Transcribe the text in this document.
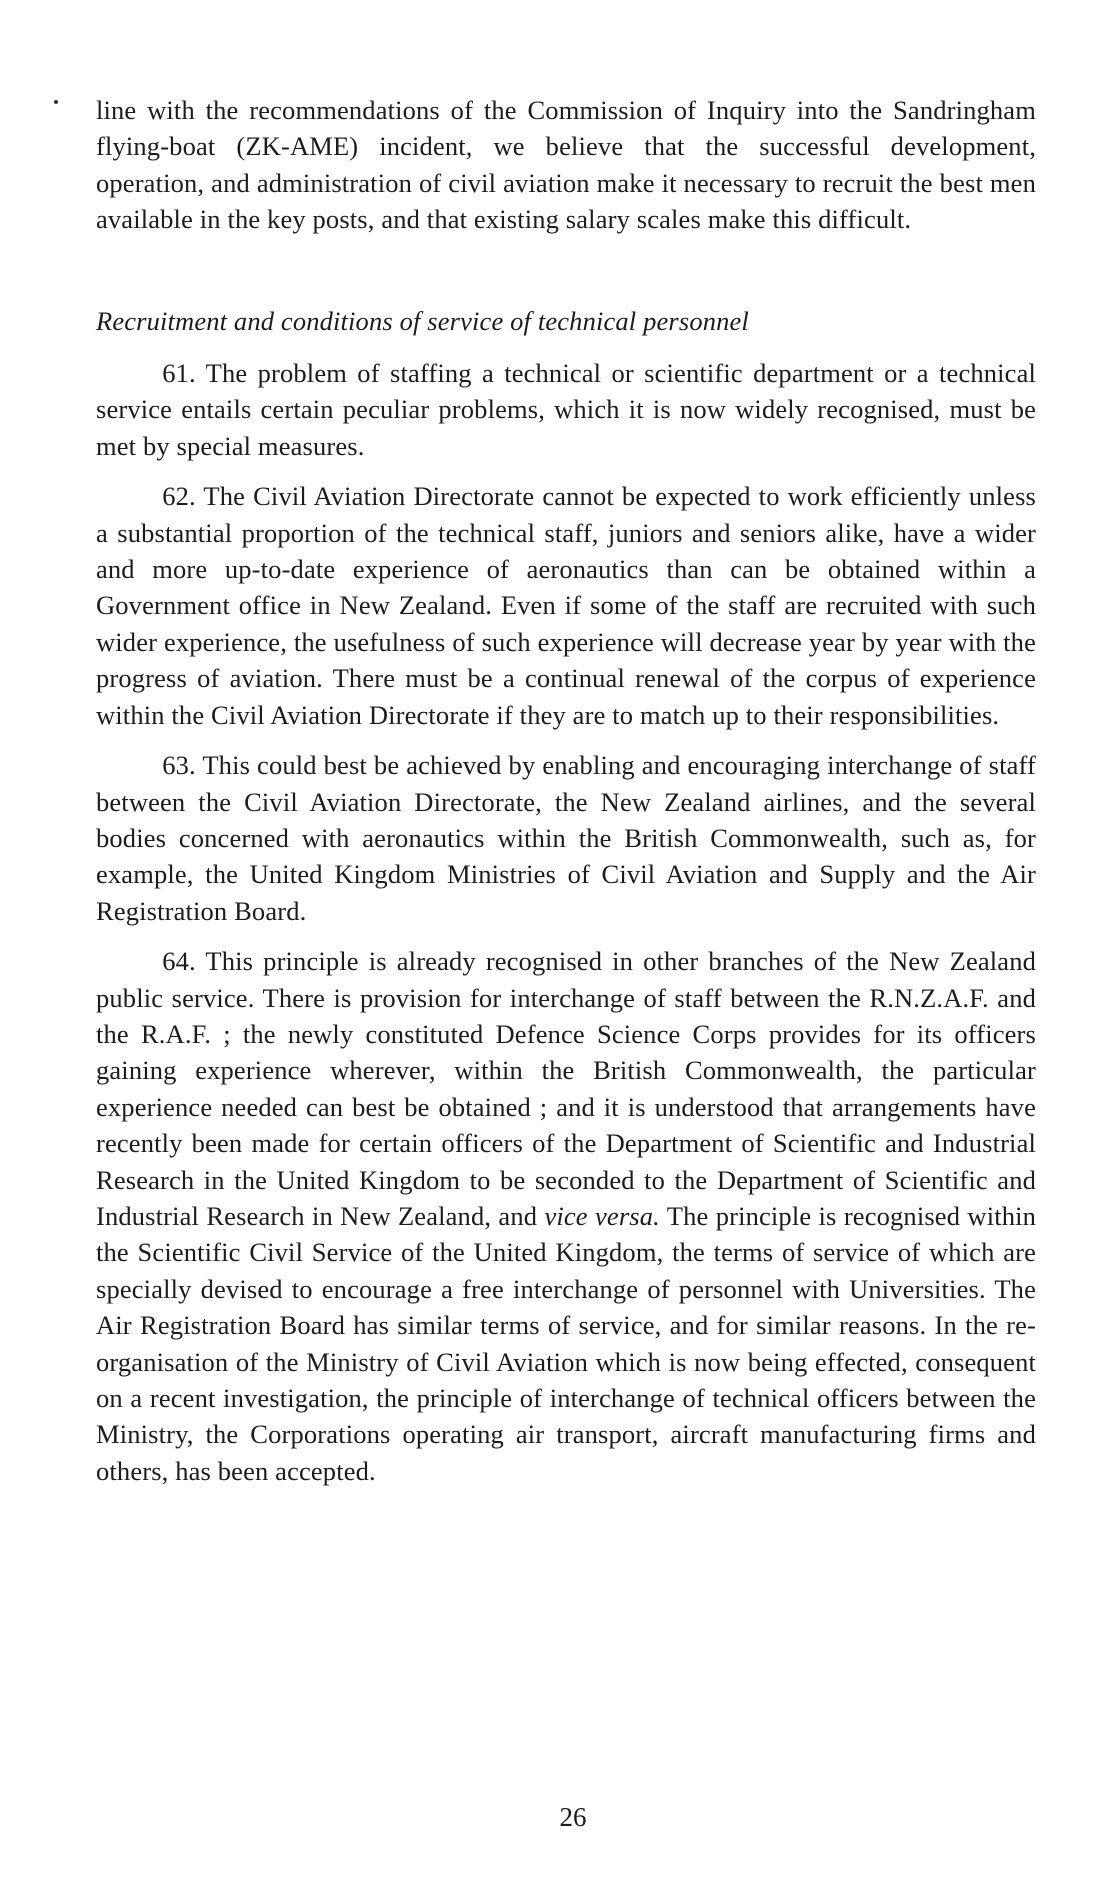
line with the recommendations of the Commission of Inquiry into the Sandringham flying-boat (ZK-AME) incident, we believe that the successful development, operation, and administration of civil aviation make it necessary to recruit the best men available in the key posts, and that existing salary scales make this difficult.

Recruitment and conditions of service of technical personnel

61. The problem of staffing a technical or scientific department or a technical service entails certain peculiar problems, which it is now widely recognised, must be met by special measures.

62. The Civil Aviation Directorate cannot be expected to work efficiently unless a substantial proportion of the technical staff, juniors and seniors alike, have a wider and more up-to-date experience of aeronautics than can be obtained within a Government office in New Zealand. Even if some of the staff are recruited with such wider experience, the usefulness of such experience will decrease year by year with the progress of aviation. There must be a continual renewal of the corpus of experience within the Civil Aviation Directorate if they are to match up to their responsibilities.

63. This could best be achieved by enabling and encouraging interchange of staff between the Civil Aviation Directorate, the New Zealand airlines, and the several bodies concerned with aeronautics within the British Commonwealth, such as, for example, the United Kingdom Ministries of Civil Aviation and Supply and the Air Registration Board.

64. This principle is already recognised in other branches of the New Zealand public service. There is provision for interchange of staff between the R.N.Z.A.F. and the R.A.F. ; the newly constituted Defence Science Corps provides for its officers gaining experience wherever, within the British Commonwealth, the particular experience needed can best be obtained ; and it is understood that arrangements have recently been made for certain officers of the Department of Scientific and Industrial Research in the United Kingdom to be seconded to the Department of Scientific and Industrial Research in New Zealand, and vice versa. The principle is recognised within the Scientific Civil Service of the United Kingdom, the terms of service of which are specially devised to encourage a free interchange of personnel with Universities. The Air Registration Board has similar terms of service, and for similar reasons. In the re-organisation of the Ministry of Civil Aviation which is now being effected, consequent on a recent investigation, the principle of interchange of technical officers between the Ministry, the Corporations operating air transport, aircraft manufacturing firms and others, has been accepted.

26
